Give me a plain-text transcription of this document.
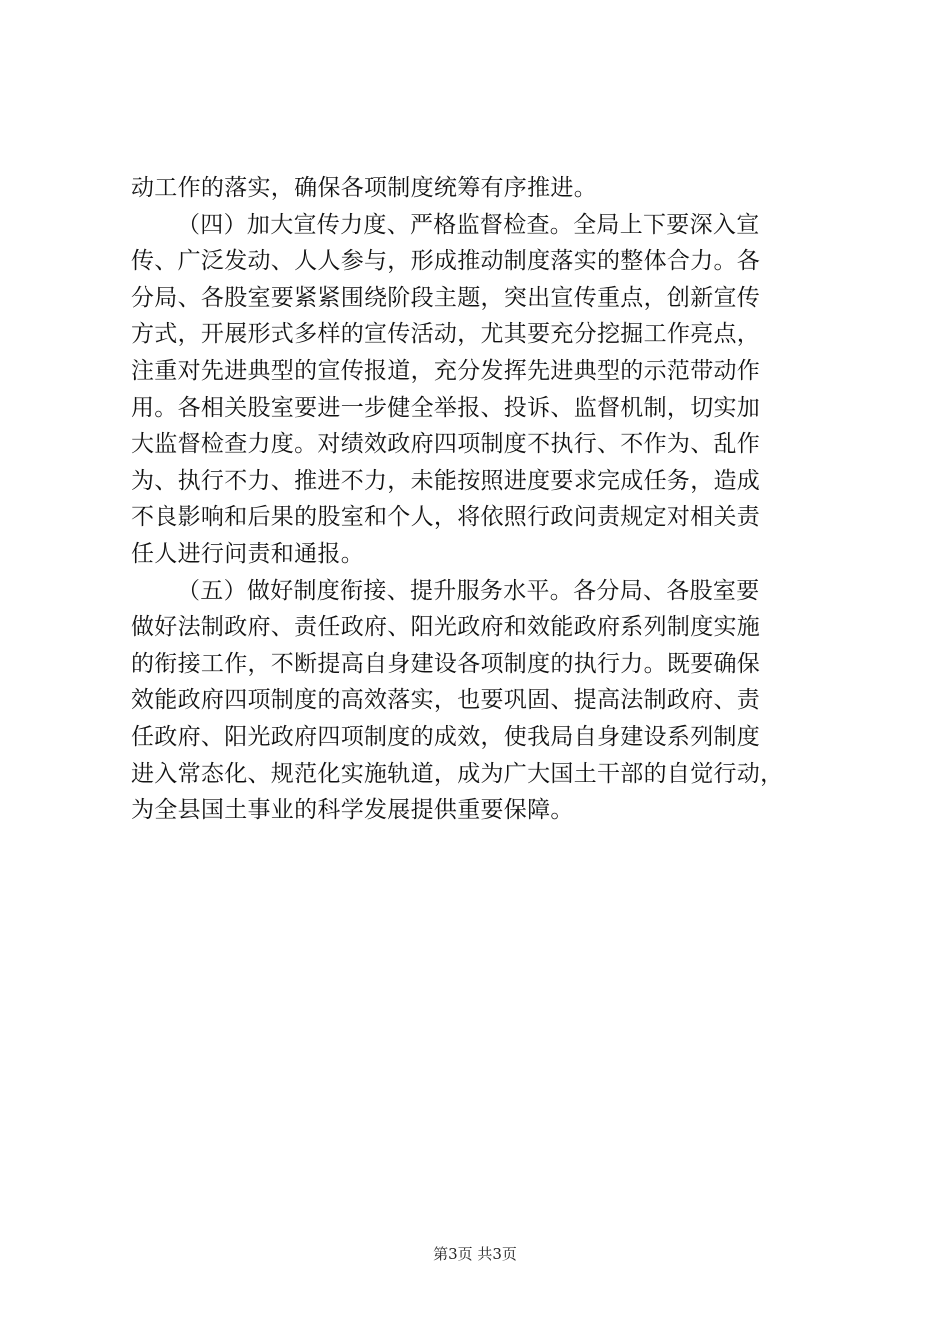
动工作的落实，确保各项制度统筹有序推进。
（四）加大宣传力度、严格监督检查。全局上下要深入宣
传、广泛发动、人人参与，形成推动制度落实的整体合力。各
分局、各股室要紧紧围绕阶段主题，突出宣传重点，创新宣传
方式，开展形式多样的宣传活动，尤其要充分挖掘工作亮点，
注重对先进典型的宣传报道，充分发挥先进典型的示范带动作
用。各相关股室要进一步健全举报、投诉、监督机制，切实加
大监督检查力度。对绩效政府四项制度不执行、不作为、乱作
为、执行不力、推进不力，未能按照进度要求完成任务，造成
不良影响和后果的股室和个人，将依照行政问责规定对相关责
任人进行问责和通报。
（五）做好制度衔接、提升服务水平。各分局、各股室要
做好法制政府、责任政府、阳光政府和效能政府系列制度实施
的衔接工作，不断提高自身建设各项制度的执行力。既要确保
效能政府四项制度的高效落实，也要巩固、提高法制政府、责
任政府、阳光政府四项制度的成效，使我局自身建设系列制度
进入常态化、规范化实施轨道，成为广大国土干部的自觉行动，
为全县国土事业的科学发展提供重要保障。
第3页 共3页
